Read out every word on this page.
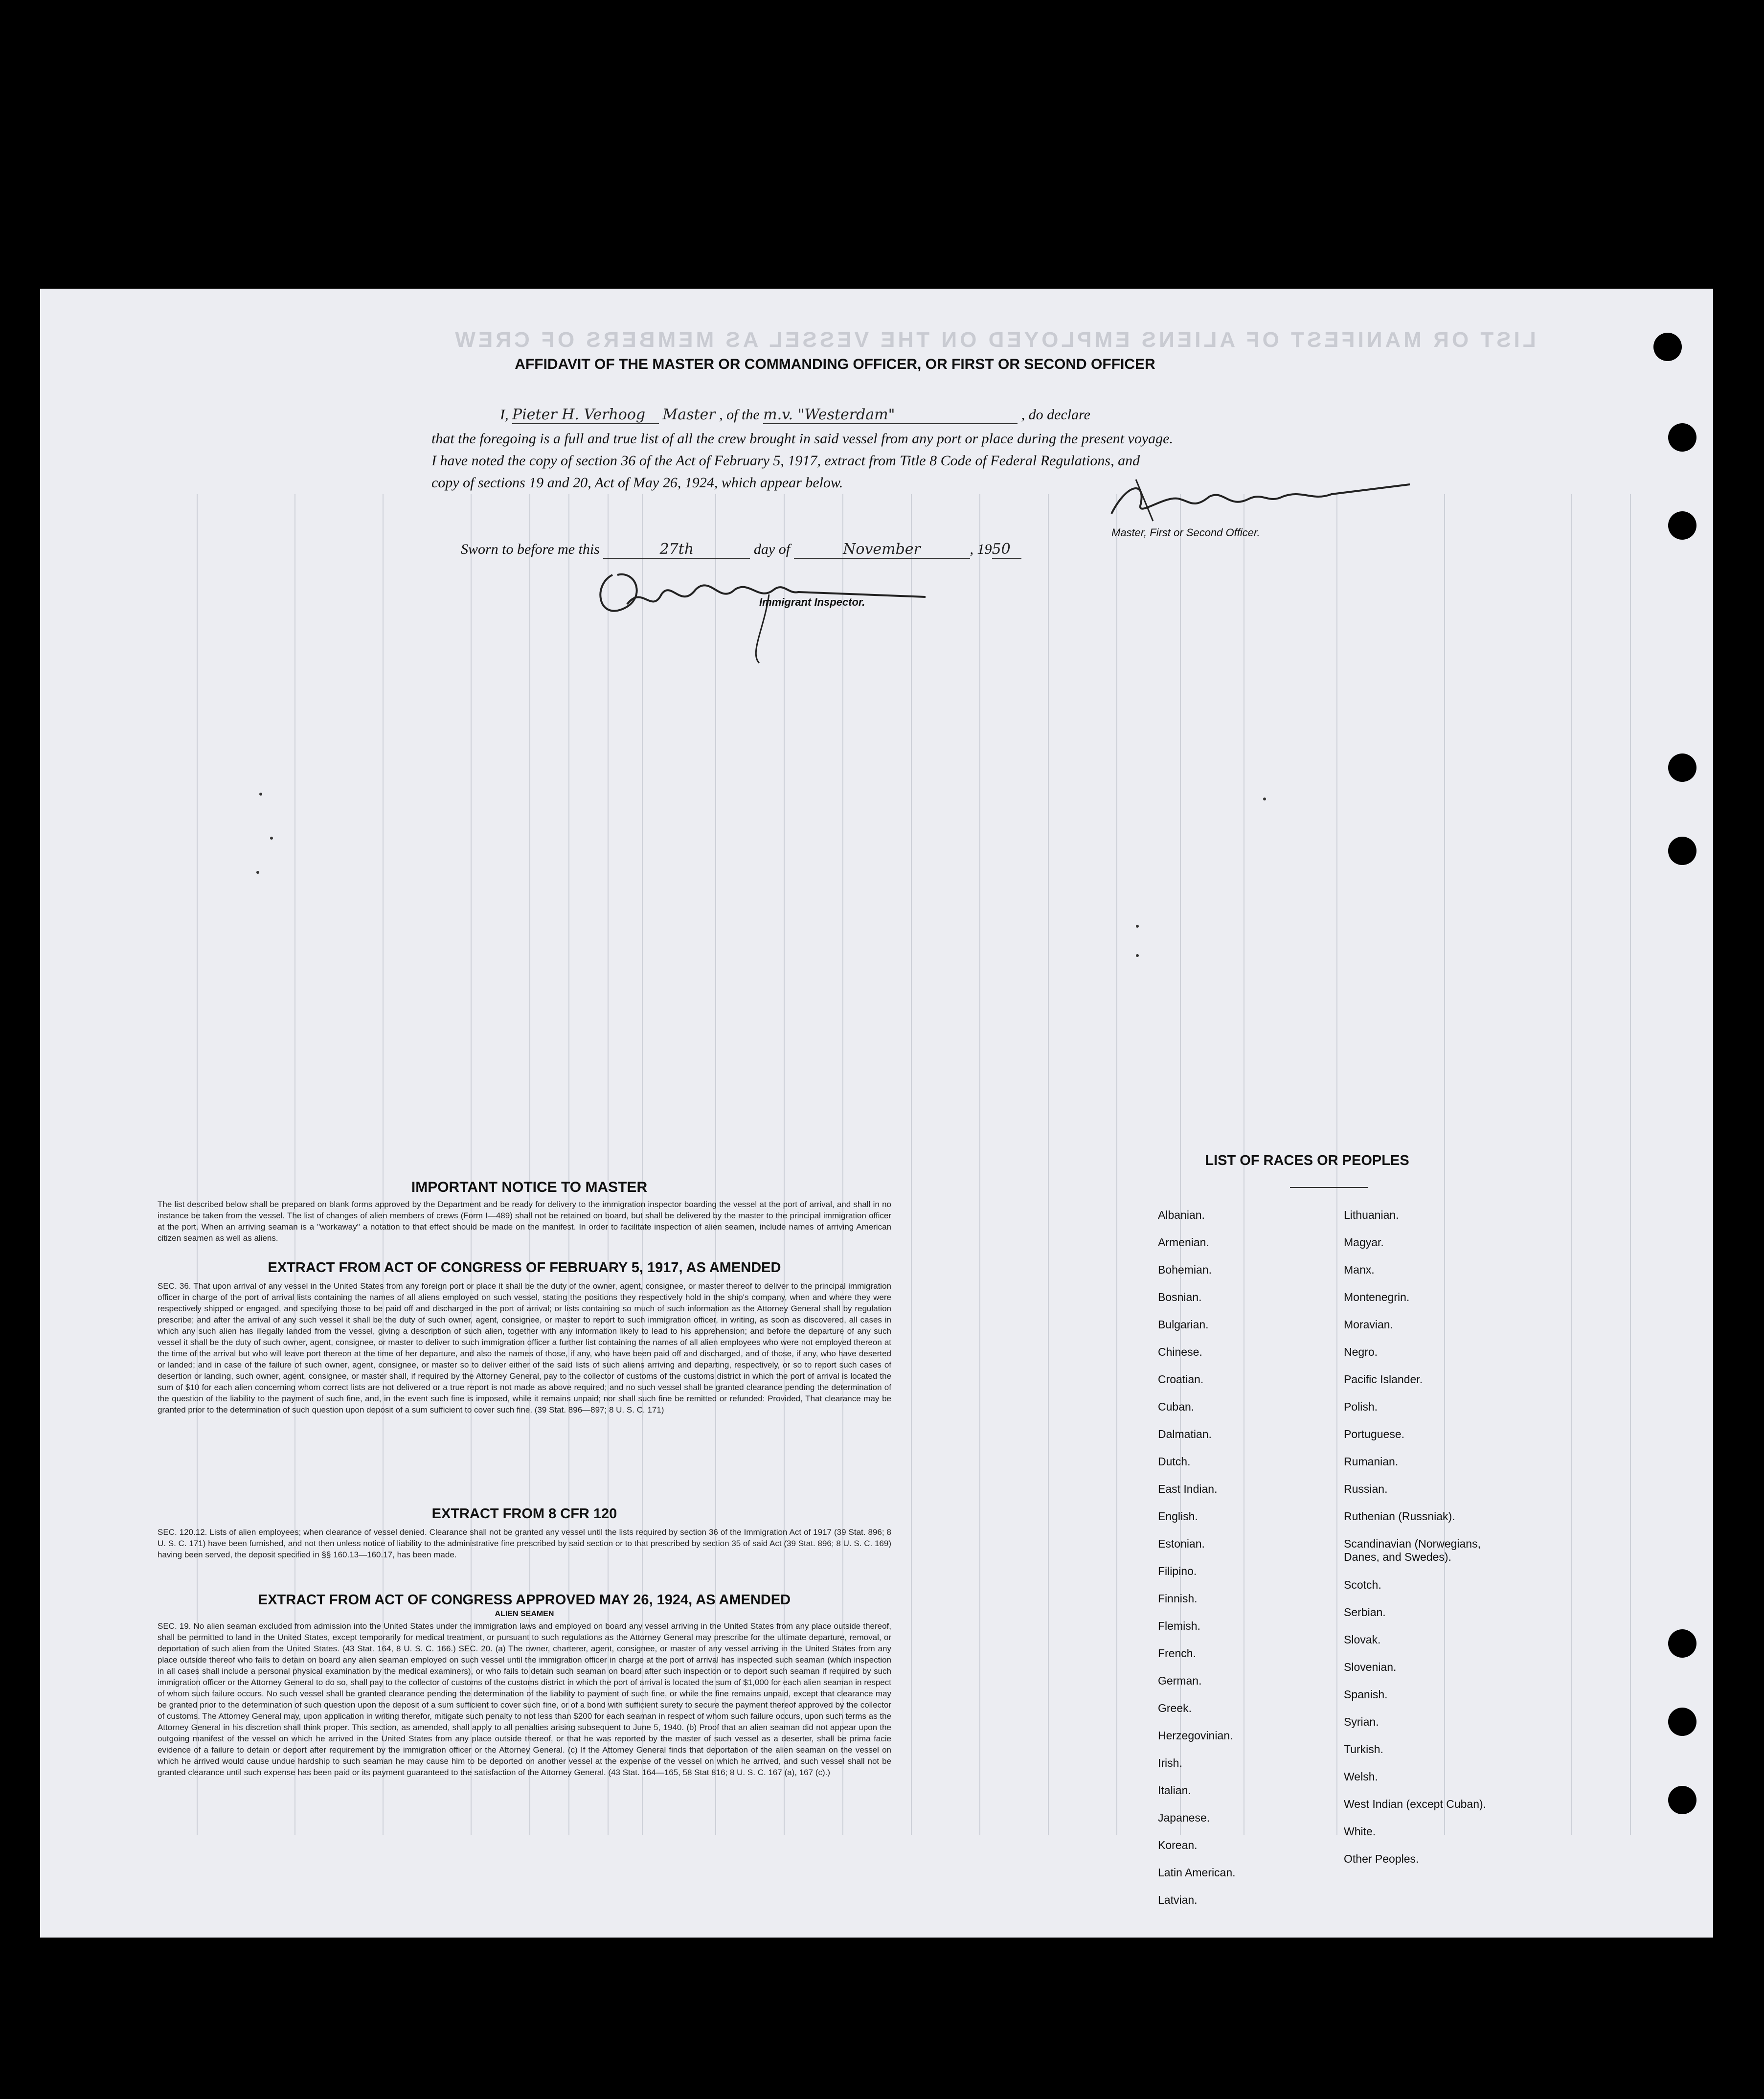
LIST OR MANIFEST OF ALIENS EMPLOYED ON THE VESSEL AS MEMBERS OF CREW
AFFIDAVIT OF THE MASTER OR COMMANDING OFFICER, OR FIRST OR SECOND OFFICER
I, Pieter H. Verhoog Master , of the m.v. "Westerdam"	, do declare
that the foregoing is a full and true list of all the crew brought in said vessel from any port or place during the present voyage.
I have noted the copy of section 36 of the Act of February 5, 1917, extract from Title 8 Code of Federal Regulations, and
copy of sections 19 and 20, Act of May 26, 1924, which appear below.
Master, First or Second Officer.
Sworn to before me this	27th	day of	November	, 1950
Immigrant Inspector.
IMPORTANT NOTICE TO MASTER
The list described below shall be prepared on blank forms approved by the Department and be ready for delivery to the immigration inspector boarding the vessel at the port of arrival, and shall in no instance be taken from the vessel. The list of changes of alien members of crews (Form I—489) shall not be retained on board, but shall be delivered by the master to the principal immigration officer at the port. When an arriving seaman is a "workaway" a notation to that effect should be made on the manifest. In order to facilitate inspection of alien seamen, include names of arriving American citizen seamen as well as aliens.
EXTRACT FROM ACT OF CONGRESS OF FEBRUARY 5, 1917, AS AMENDED
SEC. 36. That upon arrival of any vessel in the United States from any foreign port or place it shall be the duty of the owner, agent, consignee, or master thereof to deliver to the principal immigration officer in charge of the port of arrival lists containing the names of all aliens employed on such vessel, stating the positions they respectively hold in the ship's company, when and where they were respectively shipped or engaged, and specifying those to be paid off and discharged in the port of arrival; or lists containing so much of such information as the Attorney General shall by regulation prescribe; and after the arrival of any such vessel it shall be the duty of such owner, agent, consignee, or master to report to such immigration officer, in writing, as soon as discovered, all cases in which any such alien has illegally landed from the vessel, giving a description of such alien, together with any information likely to lead to his apprehension; and before the departure of any such vessel it shall be the duty of such owner, agent, consignee, or master to deliver to such immigration officer a further list containing the names of all alien employees who were not employed thereon at the time of the arrival but who will leave port thereon at the time of her departure, and also the names of those, if any, who have been paid off and discharged, and of those, if any, who have deserted or landed; and in case of the failure of such owner, agent, consignee, or master so to deliver either of the said lists of such aliens arriving and departing, respectively, or so to report such cases of desertion or landing, such owner, agent, consignee, or master shall, if required by the Attorney General, pay to the collector of customs of the customs district in which the port of arrival is located the sum of $10 for each alien concerning whom correct lists are not delivered or a true report is not made as above required; and no such vessel shall be granted clearance pending the determination of the question of the liability to the payment of such fine, and, in the event such fine is imposed, while it remains unpaid; nor shall such fine be remitted or refunded: Provided, That clearance may be granted prior to the determination of such question upon deposit of a sum sufficient to cover such fine. (39 Stat. 896—897; 8 U. S. C. 171)
EXTRACT FROM 8 CFR 120
SEC. 120.12. Lists of alien employees; when clearance of vessel denied. Clearance shall not be granted any vessel until the lists required by section 36 of the Immigration Act of 1917 (39 Stat. 896; 8 U. S. C. 171) have been furnished, and not then unless notice of liability to the administrative fine prescribed by said section or to that prescribed by section 35 of said Act (39 Stat. 896; 8 U. S. C. 169) having been served, the deposit specified in §§ 160.13—160.17, has been made.
EXTRACT FROM ACT OF CONGRESS APPROVED MAY 26, 1924, AS AMENDED
ALIEN SEAMEN
SEC. 19. No alien seaman excluded from admission into the United States under the immigration laws and employed on board any vessel arriving in the United States from any place outside thereof, shall be permitted to land in the United States, except temporarily for medical treatment, or pursuant to such regulations as the Attorney General may prescribe for the ultimate departure, removal, or deportation of such alien from the United States. (43 Stat. 164, 8 U. S. C. 166.) SEC. 20. (a) The owner, charterer, agent, consignee, or master of any vessel arriving in the United States from any place outside thereof who fails to detain on board any alien seaman employed on such vessel until the immigration officer in charge at the port of arrival has inspected such seaman (which inspection in all cases shall include a personal physical examination by the medical examiners), or who fails to detain such seaman on board after such inspection or to deport such seaman if required by such immigration officer or the Attorney General to do so, shall pay to the collector of customs of the customs district in which the port of arrival is located the sum of $1,000 for each alien seaman in respect of whom such failure occurs. No such vessel shall be granted clearance pending the determination of the liability to payment of such fine, or while the fine remains unpaid, except that clearance may be granted prior to the determination of such question upon the deposit of a sum sufficient to cover such fine, or of a bond with sufficient surety to secure the payment thereof approved by the collector of customs. The Attorney General may, upon application in writing therefor, mitigate such penalty to not less than $200 for each seaman in respect of whom such failure occurs, upon such terms as the Attorney General in his discretion shall think proper. This section, as amended, shall apply to all penalties arising subsequent to June 5, 1940. (b) Proof that an alien seaman did not appear upon the outgoing manifest of the vessel on which he arrived in the United States from any place outside thereof, or that he was reported by the master of such vessel as a deserter, shall be prima facie evidence of a failure to detain or deport after requirement by the immigration officer or the Attorney General. (c) If the Attorney General finds that deportation of the alien seaman on the vessel on which he arrived would cause undue hardship to such seaman he may cause him to be deported on another vessel at the expense of the vessel on which he arrived, and such vessel shall not be granted clearance until such expense has been paid or its payment guaranteed to the satisfaction of the Attorney General. (43 Stat. 164—165, 58 Stat 816; 8 U. S. C. 167 (a), 167 (c).)
LIST OF RACES OR PEOPLES
Albanian.
Armenian.
Bohemian.
Bosnian.
Bulgarian.
Chinese.
Croatian.
Cuban.
Dalmatian.
Dutch.
East Indian.
English.
Estonian.
Filipino.
Finnish.
Flemish.
French.
German.
Greek.
Herzegovinian.
Irish.
Italian.
Japanese.
Korean.
Latin American.
Latvian.
Lithuanian.
Magyar.
Manx.
Montenegrin.
Moravian.
Negro.
Pacific Islander.
Polish.
Portuguese.
Rumanian.
Russian.
Ruthenian (Russniak).
Scandinavian (Norwegians, Danes, and Swedes).
Scotch.
Serbian.
Slovak.
Slovenian.
Spanish.
Syrian.
Turkish.
Welsh.
West Indian (except Cuban).
White.
Other Peoples.
